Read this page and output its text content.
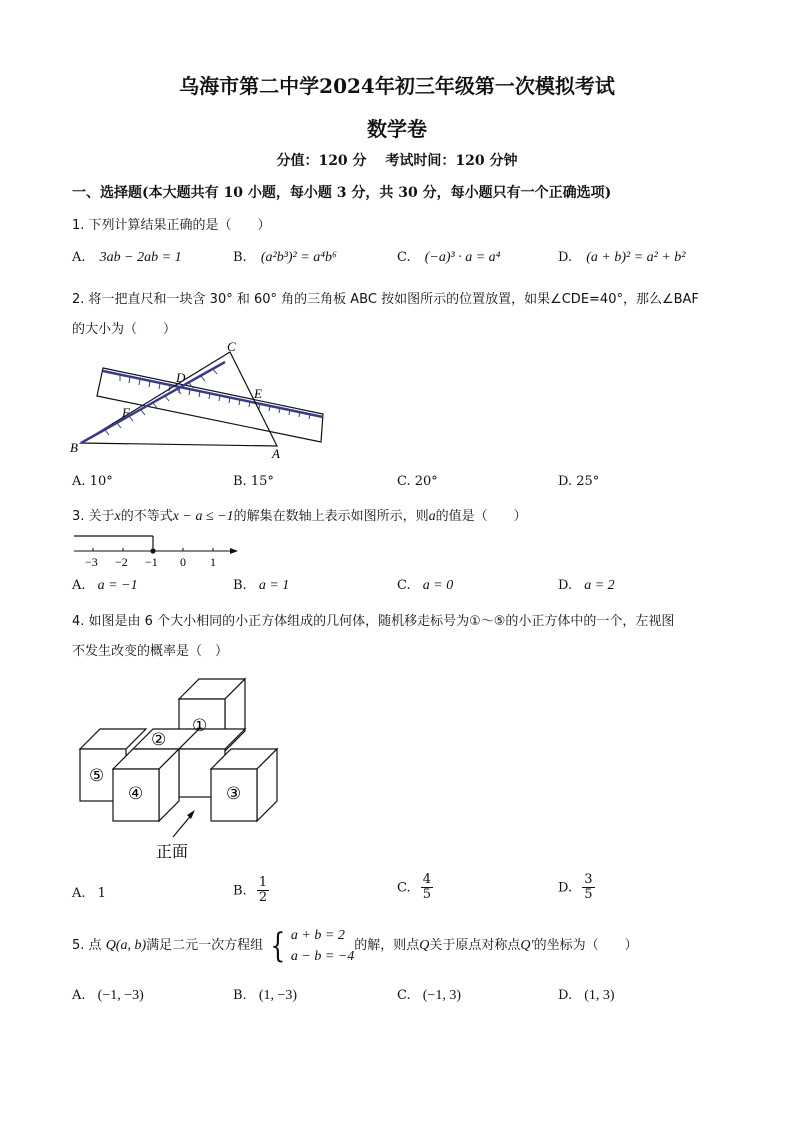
乌海市第二中学2024年初三年级第一次模拟考试
数学卷
分值：120 分　 考试时间：120 分钟
一、选择题(本大题共有 10 小题，每小题 3 分，共 30 分，每小题只有一个正确选项)
1. 下列计算结果正确的是（　　）
A. 3ab − 2ab = 1	B. (a²b³)² = a⁴b⁶	C. (−a)³ · a = a⁴	D. (a + b)² = a² + b²
2. 将一把直尺和一块含 30° 和 60° 角的三角板 ABC 按如图所示的位置放置，如果∠CDE=40°，那么∠BAF
的大小为（　　）
C
D
E
F
B	A
A. 10°	B. 15°	C. 20°	D. 25°
3. 关于x的不等式x − a ≤ −1的解集在数轴上表示如图所示，则a的值是（　　）
−3 −2 −1 0 1
A. a = −1	B. a = 1	C. a = 0	D. a = 2
4. 如图是由 6 个大小相同的小正方体组成的几何体，随机移走标号为①～⑤的小正方体中的一个，左视图
不发生改变的概率是（　）
①
②
③
④
⑤
正面
A. 1	B. $\frac{1}{2}$	C. $\frac{4}{5}$	D. $\frac{3}{5}$
5. 点 Q(a, b)满足二元一次方程组 { a + b = 2
a − b = −4
的解，则点Q关于原点对称点Q′的坐标为（　　）
A. (−1, −3)	B. (1, −3)	C. (−1, 3)	D. (1, 3)
